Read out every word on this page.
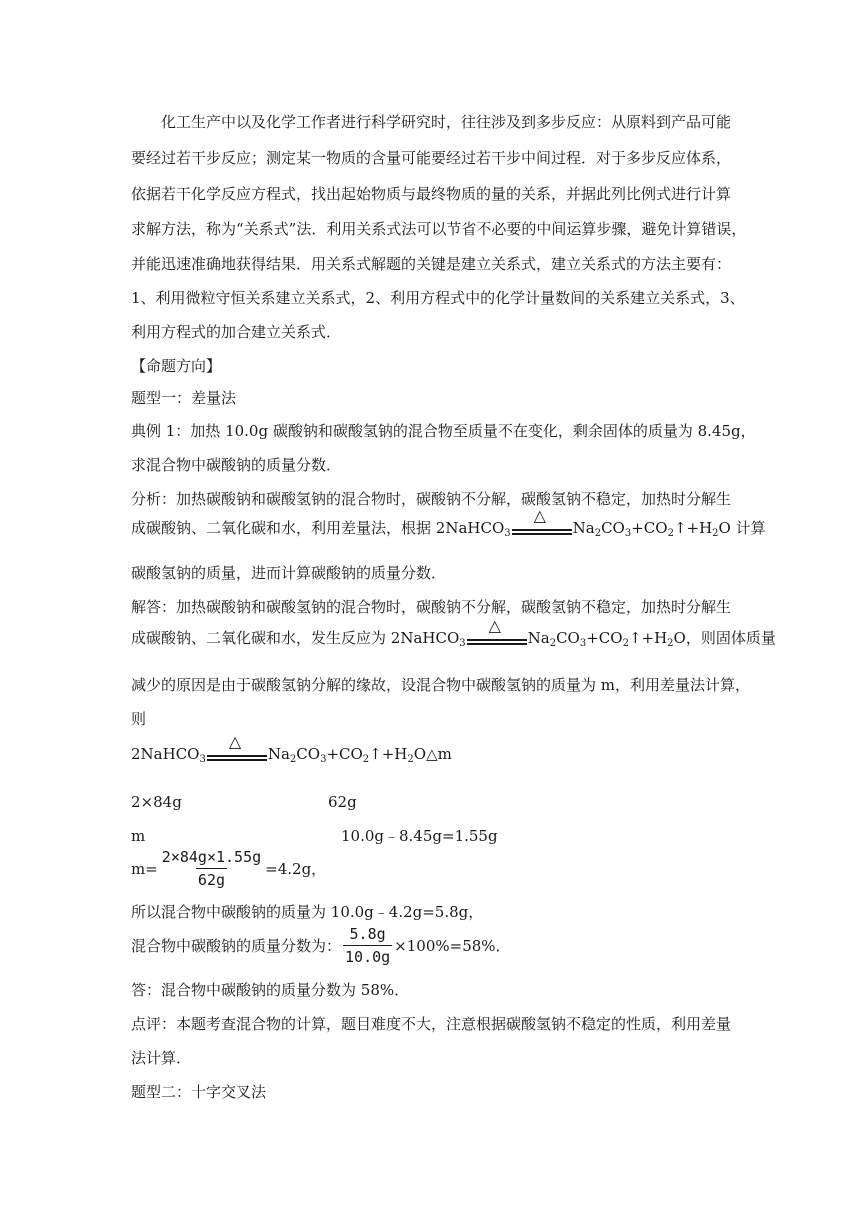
化工生产中以及化学工作者进行科学研究时，往往涉及到多步反应：从原料到产品可能
要经过若干步反应；测定某一物质的含量可能要经过若干步中间过程．对于多步反应体系，
依据若干化学反应方程式，找出起始物质与最终物质的量的关系，并据此列比例式进行计算
求解方法，称为“关系式”法．利用关系式法可以节省不必要的中间运算步骤，避免计算错误，
并能迅速准确地获得结果．用关系式解题的关键是建立关系式，建立关系式的方法主要有：
1、利用微粒守恒关系建立关系式，2、利用方程式中的化学计量数间的关系建立关系式，3、
利用方程式的加合建立关系式．
【命题方向】
题型一：差量法
典例 1：加热 10.0g 碳酸钠和碳酸氢钠的混合物至质量不在变化，剩余固体的质量为 8.45g，
求混合物中碳酸钠的质量分数．
分析：加热碳酸钠和碳酸氢钠的混合物时，碳酸钠不分解，碳酸氢钠不稳定，加热时分解生
成碳酸钠、二氧化碳和水，利用差量法，根据 2NaHCO$_3$
△
$Na_2CO_3+CO_2↑+H_2O$
计算
碳酸氢钠的质量，进而计算碳酸钠的质量分数．
解答：加热碳酸钠和碳酸氢钠的混合物时，碳酸钠不分解，碳酸氢钠不稳定，加热时分解生
成碳酸钠、二氧化碳和水，发生反应为 2NaHCO$_3$
△
$Na_2CO_3+CO_2↑+H_2O$ ，则固体质量
减少的原因是由于碳酸氢钠分解的缘故，设混合物中碳酸氢钠的质量为 m，利用差量法计算，
则
2NaHCO$_3$
△
$Na_2CO_3+CO_2↑+H_2O$ △m
2×84g	62g
m	10.0g﹣8.45g=1.55g
$m= \frac{2\times 84g\times 1.55g}{62g} =4.2g$，
所以混合物中碳酸钠的质量为 10.0g﹣4.2g=5.8g，
混合物中碳酸钠的质量分数为： $\frac{5.8g}{10.0g} \times 100\%=58\%$．
答：混合物中碳酸钠的质量分数为 58%．
点评：本题考查混合物的计算，题目难度不大，注意根据碳酸氢钠不稳定的性质，利用差量
法计算．
题型二：十字交叉法
